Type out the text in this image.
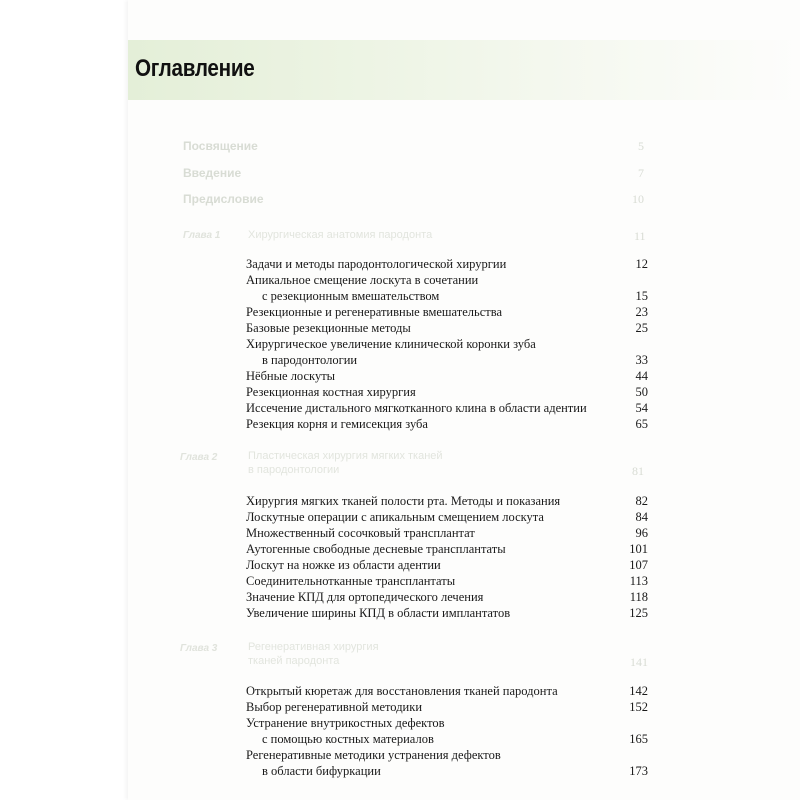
Оглавление
Посвящение	5
Введение	7
Предисловие	10
Глава 1	Хирургическая анатомия пародонта	11
Задачи и методы пародонтологической хирургии	12
Апикальное смещение лоскута в сочетании
с резекционным вмешательством	15
Резекционные и регенеративные вмешательства	23
Базовые резекционные методы	25
Хирургическое увеличение клинической коронки зуба
в пародонтологии	33
Нёбные лоскуты	44
Резекционная костная хирургия	50
Иссечение дистального мягкотканного клина в области адентии	54
Резекция корня и гемисекция зуба	65
Глава 2	Пластическая хирургия мягких тканей
в пародонтологии	81
Хирургия мягких тканей полости рта. Методы и показания	82
Лоскутные операции с апикальным смещением лоскута	84
Множественный сосочковый трансплантат	96
Аутогенные свободные десневые трансплантаты	101
Лоскут на ножке из области адентии	107
Соединительнотканные трансплантаты	113
Значение КПД для ортопедического лечения	118
Увеличение ширины КПД в области имплантатов	125
Глава 3	Регенеративная хирургия
тканей пародонта	141
Открытый кюретаж для восстановления тканей пародонта	142
Выбор регенеративной методики	152
Устранение внутрикостных дефектов
с помощью костных материалов	165
Регенеративные методики устранения дефектов
в области бифуркации	173
